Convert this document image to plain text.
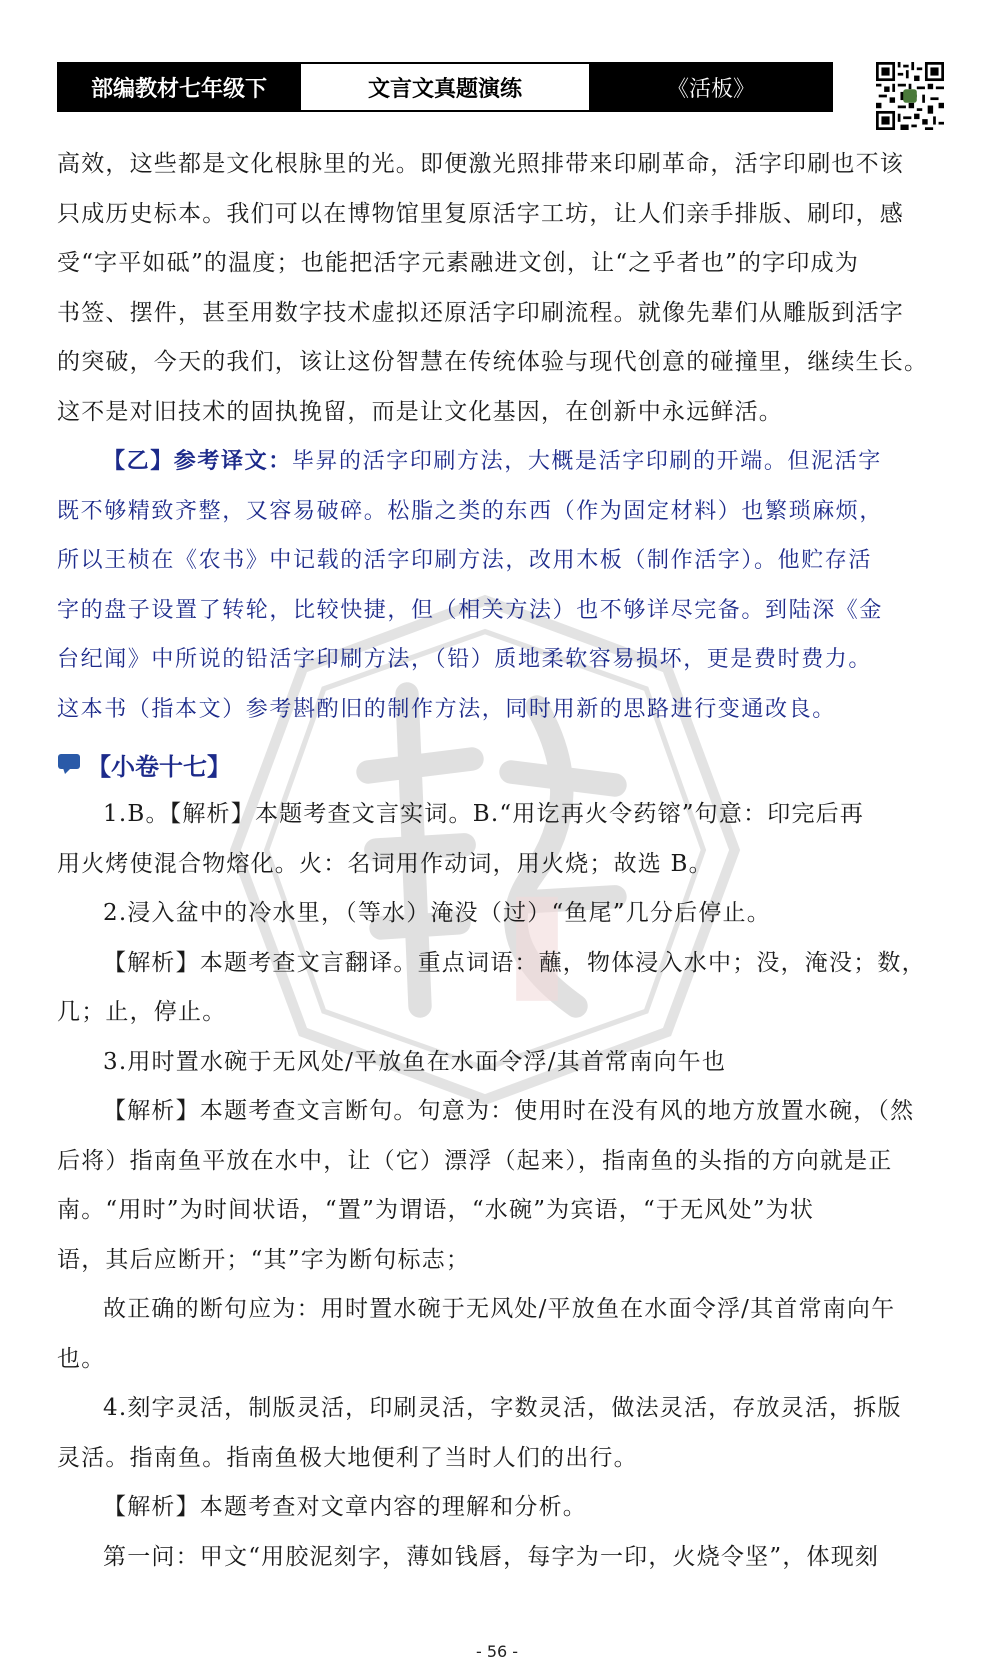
部编教材七年级下	文言文真题演练	《活板》

高效，这些都是文化根脉里的光。即便激光照排带来印刷革命，活字印刷也不该

只成历史标本。我们可以在博物馆里复原活字工坊，让人们亲手排版、刷印，感

受“字平如砥”的温度；也能把活字元素融进文创，让“之乎者也”的字印成为

书签、摆件，甚至用数字技术虚拟还原活字印刷流程。就像先辈们从雕版到活字

的突破，今天的我们，该让这份智慧在传统体验与现代创意的碰撞里，继续生长。

这不是对旧技术的固执挽留，而是让文化基因，在创新中永远鲜活。

【乙】参考译文：毕昇的活字印刷方法，大概是活字印刷的开端。但泥活字

既不够精致齐整，又容易破碎。松脂之类的东西（作为固定材料）也繁琐麻烦，

所以王桢在《农书》中记载的活字印刷方法，改用木板（制作活字）。他贮存活

字的盘子设置了转轮，比较快捷，但（相关方法）也不够详尽完备。到陆深《金

台纪闻》中所说的铅活字印刷方法，（铅）质地柔软容易损坏，更是费时费力。

这本书（指本文）参考斟酌旧的制作方法，同时用新的思路进行变通改良。

【小卷十七】

1.B。【解析】本题考查文言实词。B.“用讫再火令药镕”句意：印完后再

用火烤使混合物熔化。火：名词用作动词，用火烧；故选 B。

2.浸入盆中的冷水里，（等水）淹没（过）“鱼尾”几分后停止。

【解析】本题考查文言翻译。重点词语：蘸，物体浸入水中；没，淹没；数，

几；止，停止。

3.用时置水碗于无风处/平放鱼在水面令浮/其首常南向午也

【解析】本题考查文言断句。句意为：使用时在没有风的地方放置水碗，（然

后将）指南鱼平放在水中，让（它）漂浮（起来），指南鱼的头指的方向就是正

南。“用时”为时间状语，“置”为谓语，“水碗”为宾语，“于无风处”为状

语，其后应断开；“其”字为断句标志；

故正确的断句应为：用时置水碗于无风处/平放鱼在水面令浮/其首常南向午

也。

4.刻字灵活，制版灵活，印刷灵活，字数灵活，做法灵活，存放灵活，拆版

灵活。指南鱼。指南鱼极大地便利了当时人们的出行。

【解析】本题考查对文章内容的理解和分析。

第一问：甲文“用胶泥刻字，薄如钱唇，每字为一印，火烧令坚”，体现刻

- 56 -
